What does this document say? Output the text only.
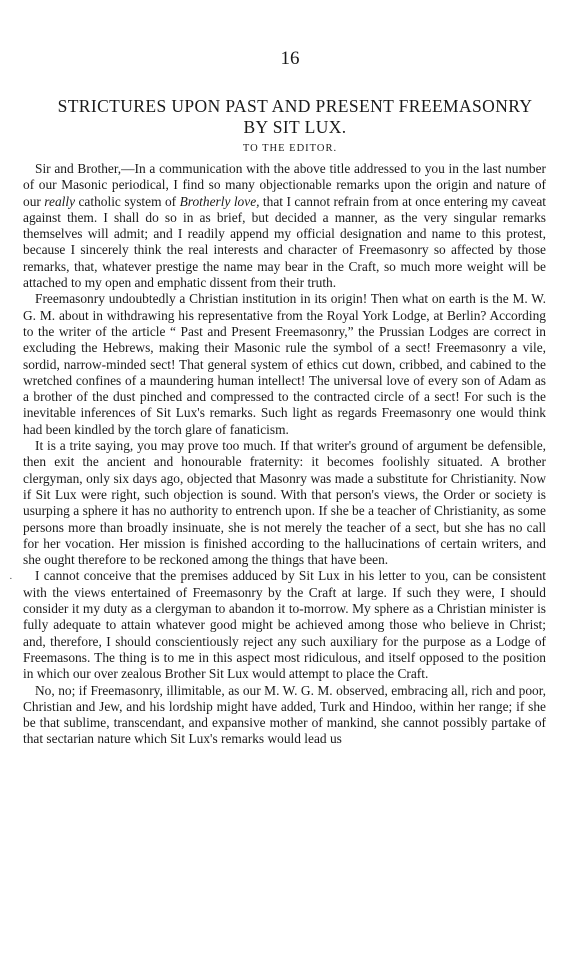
16
STRICTURES UPON PAST AND PRESENT FREEMASONRY
BY SIT LUX.
TO THE EDITOR.
·

Sir and Brother,—In a communication with the above title addressed to you in the last number of our Masonic periodical, I find so many objectionable remarks upon the origin and nature of our really catholic system of Brotherly love, that I cannot refrain from at once entering my caveat against them. I shall do so in as brief, but decided a manner, as the very singular remarks themselves will admit; and I readily append my official designation and name to this protest, because I sincerely think the real interests and character of Freemasonry so affected by those remarks, that, whatever prestige the name may bear in the Craft, so much more weight will be attached to my open and emphatic dissent from their truth.

Freemasonry undoubtedly a Christian institution in its origin! Then what on earth is the M. W. G. M. about in withdrawing his representative from the Royal York Lodge, at Berlin? According to the writer of the article “ Past and Present Freemasonry,” the Prussian Lodges are correct in excluding the Hebrews, making their Masonic rule the symbol of a sect! Freemasonry a vile, sordid, narrow-minded sect! That general system of ethics cut down, cribbed, and cabined to the wretched confines of a maundering human intellect! The universal love of every son of Adam as a brother of the dust pinched and compressed to the contracted circle of a sect! For such is the inevitable inferences of Sit Lux's remarks. Such light as regards Freemasonry one would think had been kindled by the torch glare of fanaticism.

It is a trite saying, you may prove too much. If that writer's ground of argument be defensible, then exit the ancient and honourable fraternity: it becomes foolishly situated. A brother clergyman, only six days ago, objected that Masonry was made a substitute for Christianity. Now if Sit Lux were right, such objection is sound. With that person's views, the Order or society is usurping a sphere it has no authority to entrench upon. If she be a teacher of Christianity, as some persons more than broadly insinuate, she is not merely the teacher of a sect, but she has no call for her vocation. Her mission is finished according to the hallucinations of certain writers, and she ought therefore to be reckoned among the things that have been.

I cannot conceive that the premises adduced by Sit Lux in his letter to you, can be consistent with the views entertained of Freemasonry by the Craft at large. If such they were, I should consider it my duty as a clergyman to abandon it to-morrow. My sphere as a Christian minister is fully adequate to attain whatever good might be achieved among those who believe in Christ; and, therefore, I should conscientiously reject any such auxiliary for the purpose as a Lodge of Freemasons. The thing is to me in this aspect most ridiculous, and itself opposed to the position in which our over zealous Brother Sit Lux would attempt to place the Craft.

No, no; if Freemasonry, illimitable, as our M. W. G. M. observed, embracing all, rich and poor, Christian and Jew, and his lordship might have added, Turk and Hindoo, within her range; if she be that sublime, transcendant, and expansive mother of mankind, she cannot possibly partake of that sectarian nature which Sit Lux's remarks would lead us
